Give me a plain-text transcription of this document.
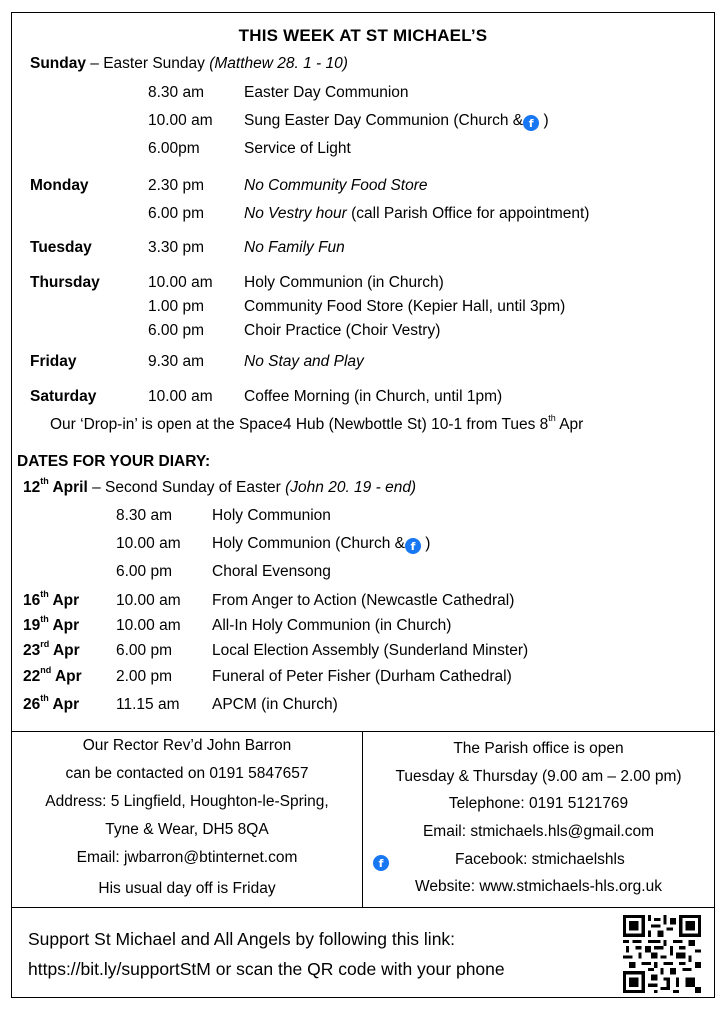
THIS WEEK AT ST MICHAEL’S
Sunday – Easter Sunday (Matthew 28. 1 - 10)
8.30 am	Easter Day Communion
10.00 am Sung Easter Day Communion (Church & f )
6.00pm	Service of Light
Monday	2.30 pm	No Community Food Store
6.00 pm	No Vestry hour (call Parish Office for appointment)
Tuesday	3.30 pm	No Family Fun
Thursday	10.00 am Holy Communion (in Church)
1.00 pm	Community Food Store (Kepier Hall, until 3pm)
6.00 pm	Choir Practice (Choir Vestry)
Friday	9.30 am	No Stay and Play
Saturday	10.00 am Coffee Morning (in Church, until 1pm)
Our ‘Drop-in’ is open at the Space4 Hub (Newbottle St) 10-1 from Tues 8th Apr
DATES FOR YOUR DIARY:
12th April – Second Sunday of Easter (John 20. 19 - end)
8.30 am	Holy Communion
10.00 am Holy Communion (Church & f )
6.00 pm	Choral Evensong
16th Apr 10.00 am From Anger to Action (Newcastle Cathedral)
19th Apr 10.00 am All-In Holy Communion (in Church)
23rd Apr 6.00 pm	Local Election Assembly (Sunderland Minster)
22nd Apr 2.00 pm	Funeral of Peter Fisher (Durham Cathedral)
26th Apr 11.15 am APCM (in Church)
Our Rector Rev’d John Barron
can be contacted on 0191 5847657
Address: 5 Lingfield, Houghton-le-Spring,
Tyne & Wear, DH5 8QA
Email: jwbarron@btinternet.com
His usual day off is Friday
The Parish office is open
Tuesday & Thursday (9.00 am – 2.00 pm)
Telephone: 0191 5121769
Email: stmichaels.hls@gmail.com
f	Facebook: stmichaelshls
Website: www.stmichaels-hls.org.uk
Support St Michael and All Angels by following this link:
https://bit.ly/supportStM or scan the QR code with your phone
